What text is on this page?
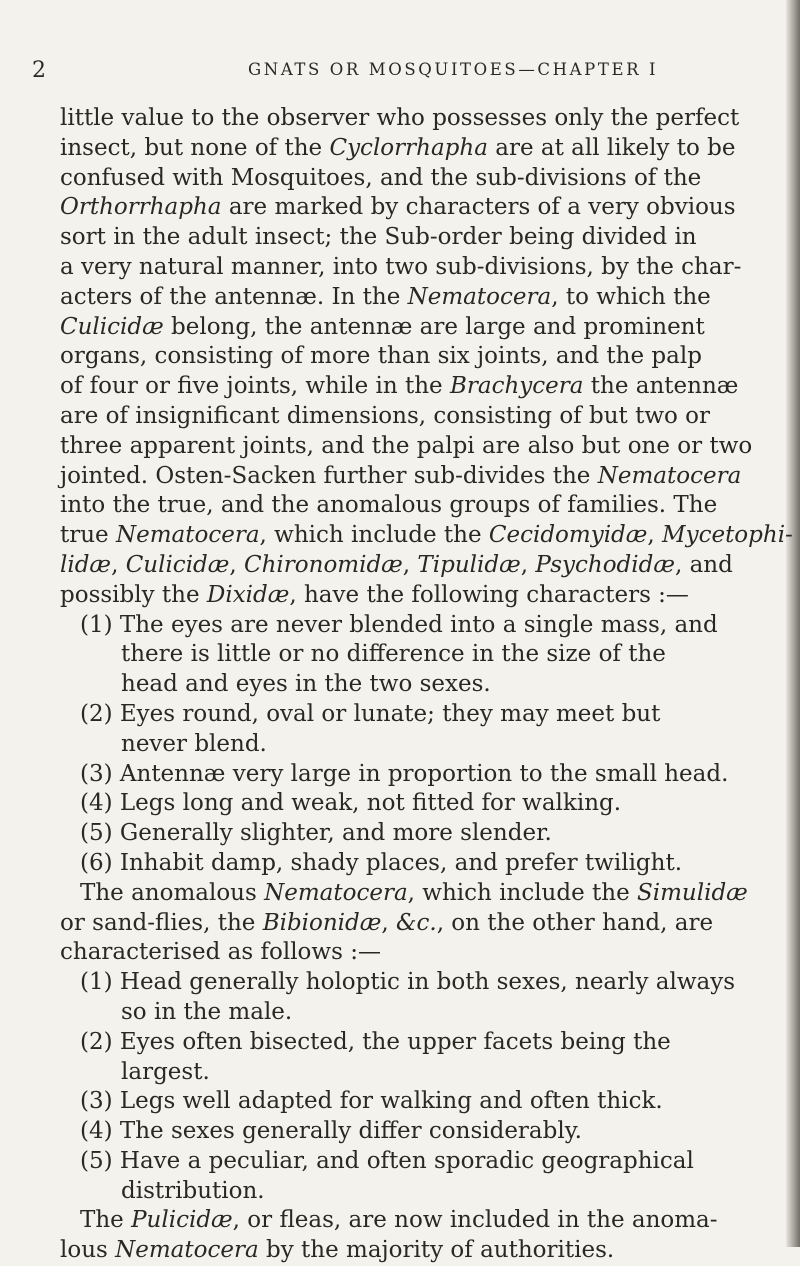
2	GNATS OR MOSQUITOES—CHAPTER I
little value to the observer who possesses only the perfect
insect, but none of the Cyclorrhapha are at all likely to be
confused with Mosquitoes, and the sub-divisions of the
Orthorrhapha are marked by characters of a very obvious
sort in the adult insect; the Sub-order being divided in
a very natural manner, into two sub-divisions, by the char-
acters of the antennæ. In the Nematocera, to which the
Culicidæ belong, the antennæ are large and prominent
organs, consisting of more than six joints, and the palp
of four or five joints, while in the Brachycera the antennæ
are of insignificant dimensions, consisting of but two or
three apparent joints, and the palpi are also but one or two
jointed. Osten-Sacken further sub-divides the Nematocera
into the true, and the anomalous groups of families. The
true Nematocera, which include the Cecidomyidæ, Mycetophi-
lidæ, Culicidæ, Chironomidæ, Tipulidæ, Psychodidæ, and
possibly the Dixidæ, have the following characters :—
(1) The eyes are never blended into a single mass, and
there is little or no difference in the size of the
head and eyes in the two sexes.
(2) Eyes round, oval or lunate; they may meet but
never blend.
(3) Antennæ very large in proportion to the small head.
(4) Legs long and weak, not fitted for walking.
(5) Generally slighter, and more slender.
(6) Inhabit damp, shady places, and prefer twilight.
The anomalous Nematocera, which include the Simulidæ
or sand-flies, the Bibionidæ, &c., on the other hand, are
characterised as follows :—
(1) Head generally holoptic in both sexes, nearly always
so in the male.
(2) Eyes often bisected, the upper facets being the
largest.
(3) Legs well adapted for walking and often thick.
(4) The sexes generally differ considerably.
(5) Have a peculiar, and often sporadic geographical
distribution.
The Pulicidæ, or fleas, are now included in the anoma-
lous Nematocera by the majority of authorities.
